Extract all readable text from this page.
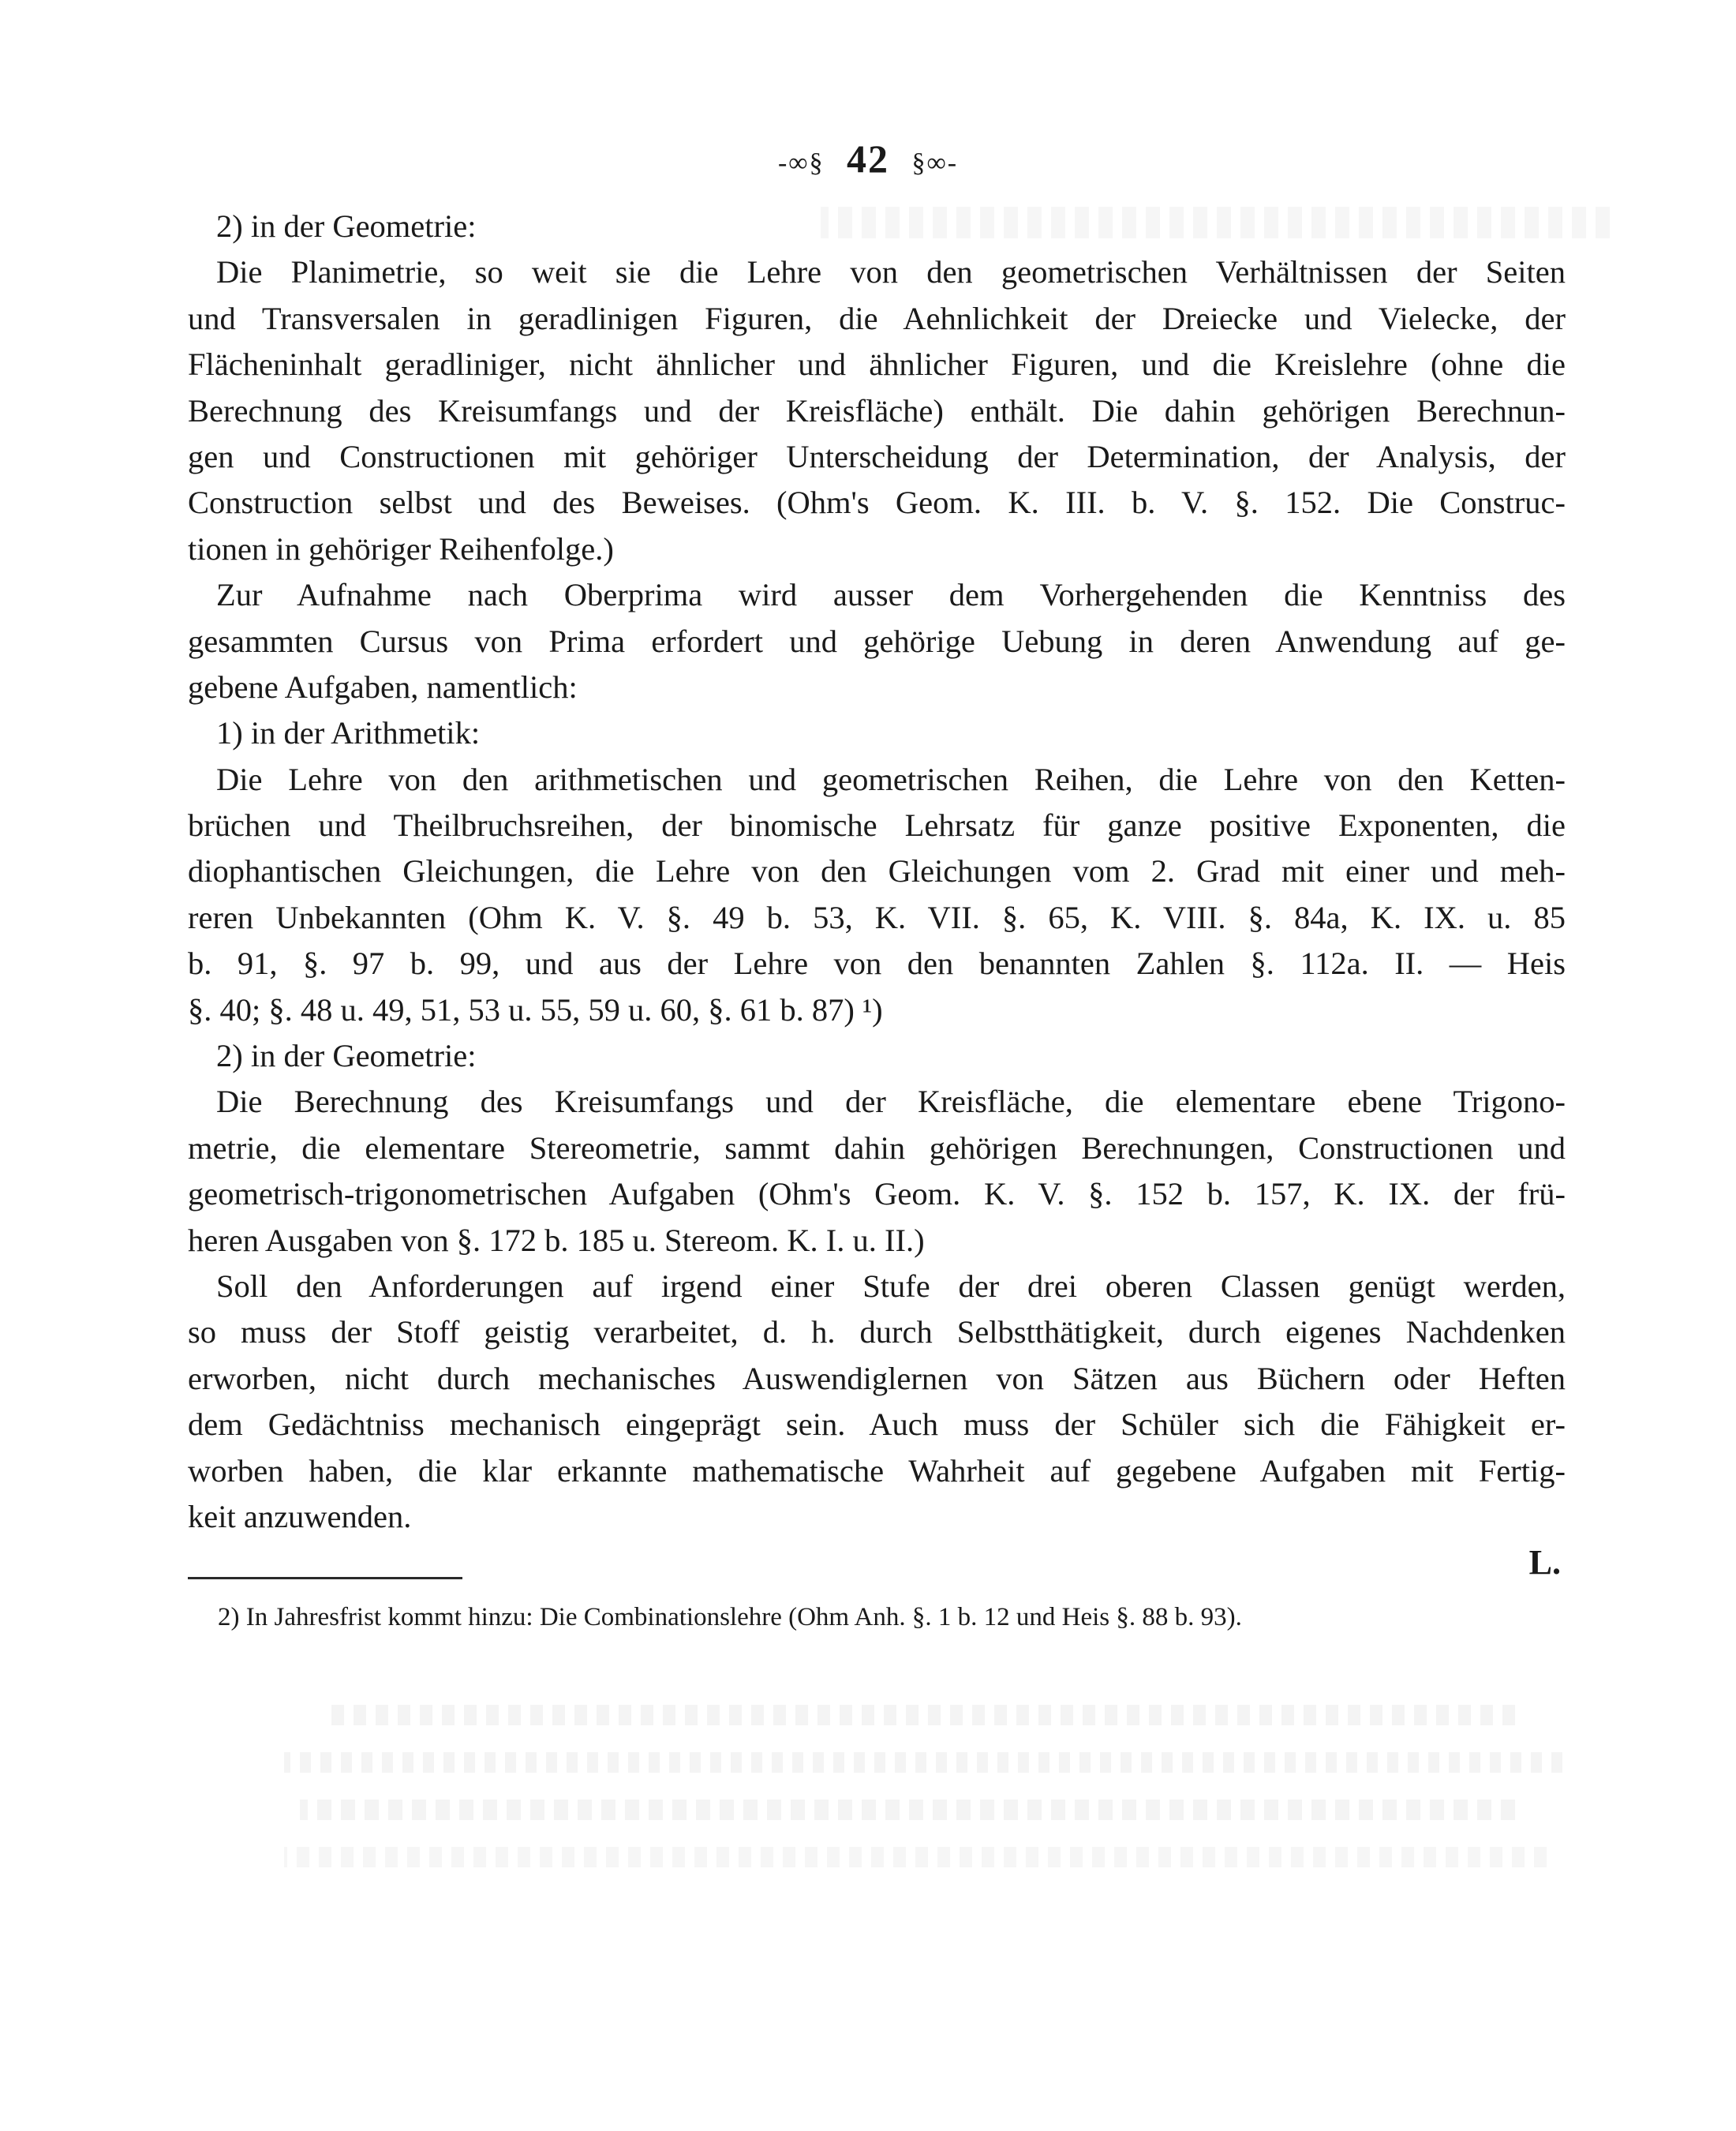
-∞§ 42 §∞-
2) in der Geometrie:
Die Planimetrie, so weit sie die Lehre von den geometrischen Verhältnissen der Seiten
und Transversalen in geradlinigen Figuren, die Aehnlichkeit der Dreiecke und Vielecke, der
Flächeninhalt geradliniger, nicht ähnlicher und ähnlicher Figuren, und die Kreislehre (ohne die
Berechnung des Kreisumfangs und der Kreisfläche) enthält. Die dahin gehörigen Berechnun-
gen und Constructionen mit gehöriger Unterscheidung der Determination, der Analysis, der
Construction selbst und des Beweises. (Ohm's Geom. K. III. b. V. §. 152. Die Construc-
tionen in gehöriger Reihenfolge.)
Zur Aufnahme nach Oberprima wird ausser dem Vorhergehenden die Kenntniss des
gesammten Cursus von Prima erfordert und gehörige Uebung in deren Anwendung auf ge-
gebene Aufgaben, namentlich:
1) in der Arithmetik:
Die Lehre von den arithmetischen und geometrischen Reihen, die Lehre von den Ketten-
brüchen und Theilbruchsreihen, der binomische Lehrsatz für ganze positive Exponenten, die
diophantischen Gleichungen, die Lehre von den Gleichungen vom 2. Grad mit einer und meh-
reren Unbekannten (Ohm K. V. §. 49 b. 53, K. VII. §. 65, K. VIII. §. 84a, K. IX. u. 85
b. 91, §. 97 b. 99, und aus der Lehre von den benannten Zahlen §. 112a. II. — Heis
§. 40; §. 48 u. 49, 51, 53 u. 55, 59 u. 60, §. 61 b. 87) ¹)
2) in der Geometrie:
Die Berechnung des Kreisumfangs und der Kreisfläche, die elementare ebene Trigono-
metrie, die elementare Stereometrie, sammt dahin gehörigen Berechnungen, Constructionen und
geometrisch-trigonometrischen Aufgaben (Ohm's Geom. K. V. §. 152 b. 157, K. IX. der frü-
heren Ausgaben von §. 172 b. 185 u. Stereom. K. I. u. II.)
Soll den Anforderungen auf irgend einer Stufe der drei oberen Classen genügt werden,
so muss der Stoff geistig verarbeitet, d. h. durch Selbstthätigkeit, durch eigenes Nachdenken
erworben, nicht durch mechanisches Auswendiglernen von Sätzen aus Büchern oder Heften
dem Gedächtniss mechanisch eingeprägt sein. Auch muss der Schüler sich die Fähigkeit er-
worben haben, die klar erkannte mathematische Wahrheit auf gegebene Aufgaben mit Fertig-
keit anzuwenden.
L.
2) In Jahresfrist kommt hinzu: Die Combinationslehre (Ohm Anh. §. 1 b. 12 und Heis §. 88 b. 93).
